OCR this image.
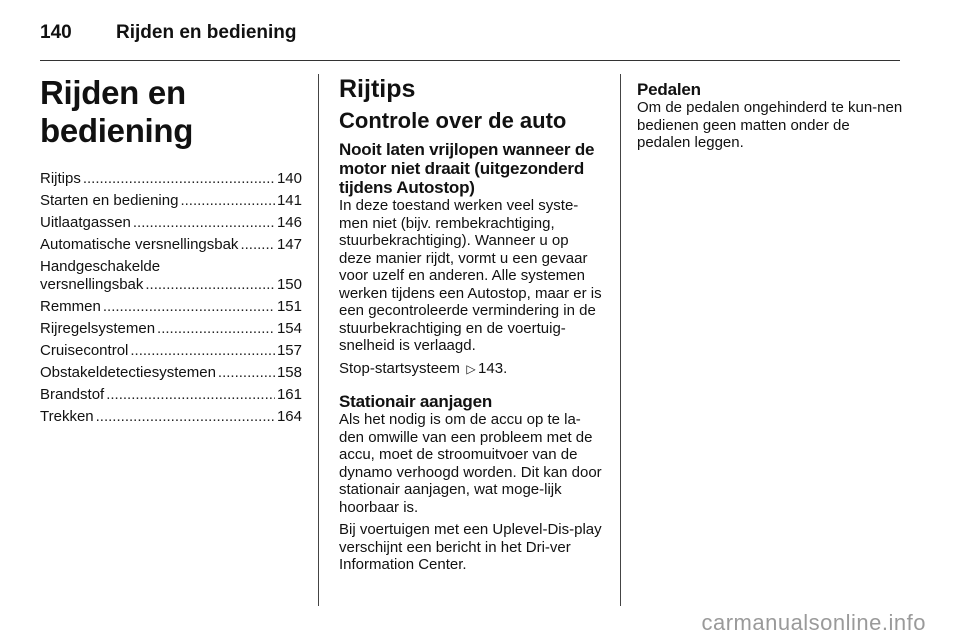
140	Rijden en bediening
Rijden en bediening
Rijtips .....	140
Starten en bediening .....	141
Uitlaatgassen .....	146
Automatische versnellingsbak .....	147
Handgeschakelde
versnellingsbak .....	150
Remmen .....	151
Rijregelsystemen .....	154
Cruisecontrol .....	157
Obstakeldetectiesystemen .....	158
Brandstof .....	161
Trekken .....	164
Rijtips
Controle over de auto
Nooit laten vrijlopen wanneer de motor niet draait (uitgezonderd tijdens Autostop)

In deze toestand werken veel syste-men niet (bijv. rembekrachtiging, stuurbekrachtiging). Wanneer u op deze manier rijdt, vormt u een gevaar voor uzelf en anderen. Alle systemen werken tijdens een Autostop, maar er is een gecontroleerde vermindering in de stuurbekrachtiging en de voertuig-snelheid is verlaagd.

Stop-startsysteem ▷ 143.

Stationair aanjagen

Als het nodig is om de accu op te la-den omwille van een probleem met de accu, moet de stroomuitvoer van de dynamo verhoogd worden. Dit kan door stationair aanjagen, wat moge-lijk hoorbaar is.

Bij voertuigen met een Uplevel-Dis-play verschijnt een bericht in het Dri-ver Information Center.

Pedalen

Om de pedalen ongehinderd te kun-nen bedienen geen matten onder de pedalen leggen.

carmanualsonline.info
